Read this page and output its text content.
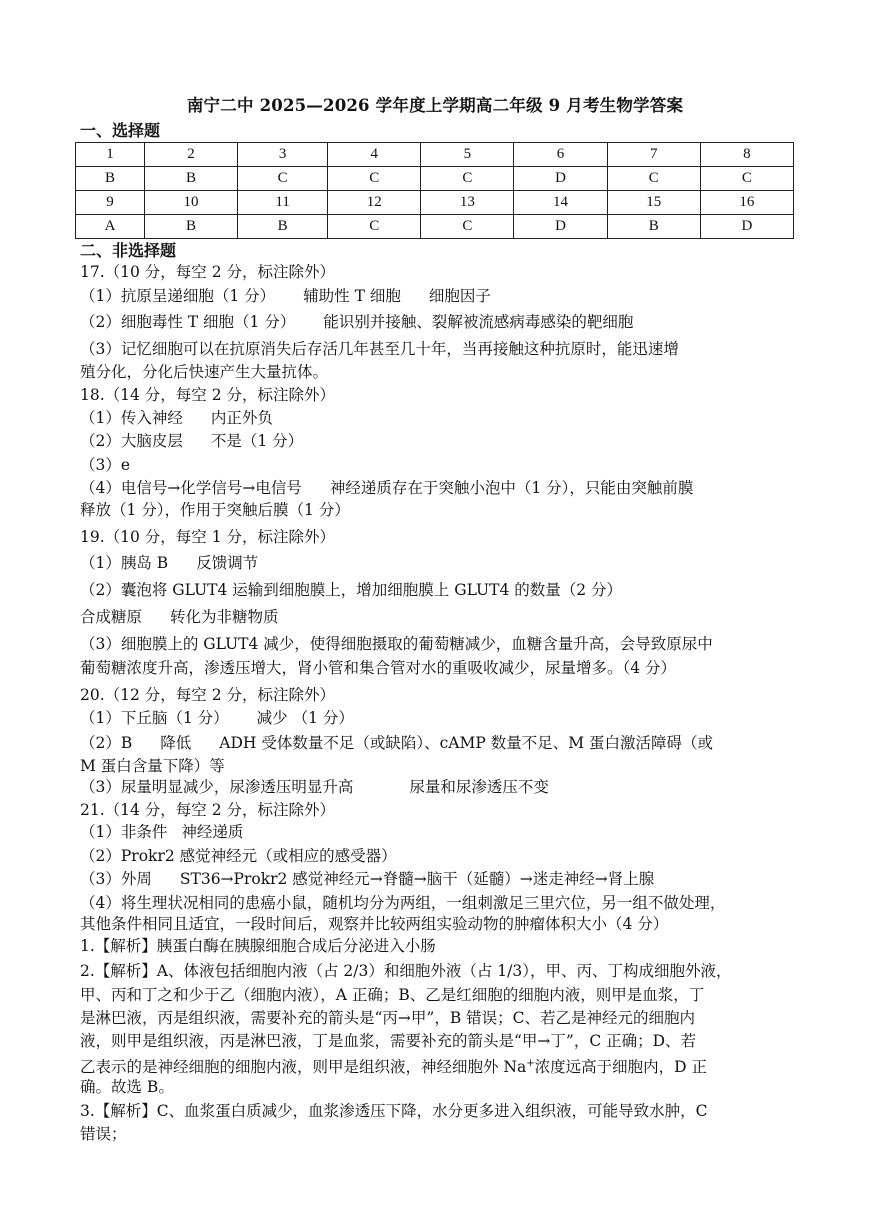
南宁二中 2025—2026 学年度上学期高二年级 9 月考生物学答案
一、选择题
1	2	3	4	5	6	7	8
B	B	C	C	C	D	C	C
9	10	11	12	13	14	15	16
A	B	B	C	C	D	B	D
二、非选择题
17.（10 分，每空 2 分，标注除外）
（1）抗原呈递细胞（1 分） 辅助性 T 细胞 细胞因子
（2）细胞毒性 T 细胞（1 分） 能识别并接触、裂解被流感病毒感染的靶细胞
（3）记忆细胞可以在抗原消失后存活几年甚至几十年，当再接触这种抗原时，能迅速增
殖分化，分化后快速产生大量抗体。
18.（14 分，每空 2 分，标注除外）
（1）传入神经 内正外负
（2）大脑皮层 不是（1 分）
（3）e
（4）电信号→化学信号→电信号 神经递质存在于突触小泡中（1 分），只能由突触前膜
释放（1 分），作用于突触后膜（1 分）
19.（10 分，每空 1 分，标注除外）
（1）胰岛 B 反馈调节
（2）囊泡将 GLUT4 运输到细胞膜上，增加细胞膜上 GLUT4 的数量（2 分）
合成糖原 转化为非糖物质
（3）细胞膜上的 GLUT4 减少，使得细胞摄取的葡萄糖减少，血糖含量升高，会导致原尿中
葡萄糖浓度升高，渗透压增大，肾小管和集合管对水的重吸收减少，尿量增多。（4 分）
20.（12 分，每空 2 分，标注除外）
（1）下丘脑（1 分） 减少 （1 分）
（2）B 降低 ADH 受体数量不足（或缺陷）、cAMP 数量不足、M 蛋白激活障碍（或
M 蛋白含量下降）等
（3）尿量明显减少，尿渗透压明显升高	尿量和尿渗透压不变
21.（14 分，每空 2 分，标注除外）
（1）非条件 神经递质
（2）Prokr2 感觉神经元（或相应的感受器）
（3）外周 ST36→Prokr2 感觉神经元→脊髓→脑干（延髓）→迷走神经→肾上腺
（4）将生理状况相同的患癌小鼠，随机均分为两组，一组刺激足三里穴位，另一组不做处理，
其他条件相同且适宜，一段时间后，观察并比较两组实验动物的肿瘤体积大小（4 分）
1.【解析】胰蛋白酶在胰腺细胞合成后分泌进入小肠
2.【解析】A、体液包括细胞内液（占 2/3）和细胞外液（占 1/3），甲、丙、丁构成细胞外液，
甲、丙和丁之和少于乙（细胞内液），A 正确；B、乙是红细胞的细胞内液，则甲是血浆，丁
是淋巴液，丙是组织液，需要补充的箭头是“丙→甲”，B 错误；C、若乙是神经元的细胞内
液，则甲是组织液，丙是淋巴液，丁是血浆，需要补充的箭头是“甲→丁”，C 正确；D、若
乙表示的是神经细胞的细胞内液，则甲是组织液，神经细胞外 Na+浓度远高于细胞内，D 正
确。故选 B。
3.【解析】C、血浆蛋白质减少，血浆渗透压下降，水分更多进入组织液，可能导致水肿，C
错误；
